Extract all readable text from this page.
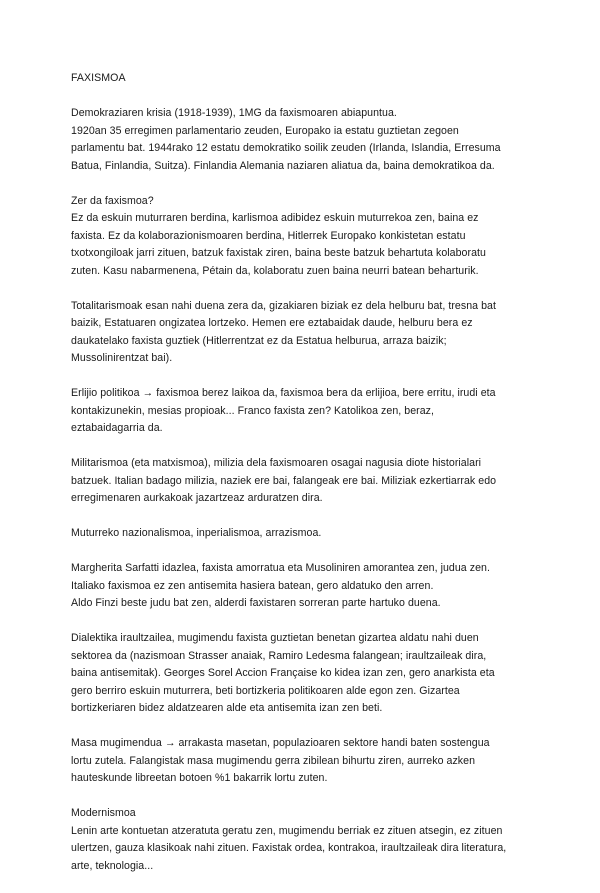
FAXISMOA
Demokraziaren krisia (1918-1939), 1MG da faxismoaren abiapuntua.
1920an 35 erregimen parlamentario zeuden, Europako ia estatu guztietan zegoen
parlamentu bat. 1944rako 12 estatu demokratiko soilik zeuden (Irlanda, Islandia, Erresuma
Batua, Finlandia, Suitza). Finlandia Alemania naziaren aliatua da, baina demokratikoa da.
Zer da faxismoa?
Ez da eskuin muturraren berdina, karlismoa adibidez eskuin muturrekoa zen, baina ez
faxista. Ez da kolaborazionismoaren berdina, Hitlerrek Europako konkistetan estatu
txotxongiloak jarri zituen, batzuk faxistak ziren, baina beste batzuk behartuta kolaboratu
zuten. Kasu nabarmenena, Pétain da, kolaboratu zuen baina neurri batean beharturik.
Totalitarismoak esan nahi duena zera da, gizakiaren biziak ez dela helburu bat, tresna bat
baizik, Estatuaren ongizatea lortzeko. Hemen ere eztabaidak daude, helburu bera ez
daukatelako faxista guztiek (Hitlerrentzat ez da Estatua helburua, arraza baizik;
Mussolinirentzat bai).
Erlijio politikoa → faxismoa berez laikoa da, faxismoa bera da erlijioa, bere erritu, irudi eta
kontakizunekin, mesias propioak... Franco faxista zen? Katolikoa zen, beraz,
eztabaidagarria da.
Militarismoa (eta matxismoa), milizia dela faxismoaren osagai nagusia diote historialari
batzuek. Italian badago milizia, naziek ere bai, falangeak ere bai. Miliziak ezkertiarrak edo
erregimenaren aurkakoak jazartzeaz arduratzen dira.
Muturreko nazionalismoa, inperialismoa, arrazismoa.
Margherita Sarfatti idazlea, faxista amorratua eta Musoliniren amorantea zen, judua zen.
Italiako faxismoa ez zen antisemita hasiera batean, gero aldatuko den arren.
Aldo Finzi beste judu bat zen, alderdi faxistaren sorreran parte hartuko duena.
Dialektika iraultzailea, mugimendu faxista guztietan benetan gizartea aldatu nahi duen
sektorea da (nazismoan Strasser anaiak, Ramiro Ledesma falangean; iraultzaileak dira,
baina antisemitak). Georges Sorel Accion Française ko kidea izan zen, gero anarkista eta
gero berriro eskuin muturrera, beti bortizkeria politikoaren alde egon zen. Gizartea
bortizkeriaren bidez aldatzearen alde eta antisemita izan zen beti.
Masa mugimendua → arrakasta masetan, populazioaren sektore handi baten sostengua
lortu zutela. Falangistak masa mugimendu gerra zibilean bihurtu ziren, aurreko azken
hauteskunde libreetan botoen %1 bakarrik lortu zuten.
Modernismoa
Lenin arte kontuetan atzeratuta geratu zen, mugimendu berriak ez zituen atsegin, ez zituen
ulertzen, gauza klasikoak nahi zituen. Faxistak ordea, kontrakoa, iraultzaileak dira literatura,
arte, teknologia...
